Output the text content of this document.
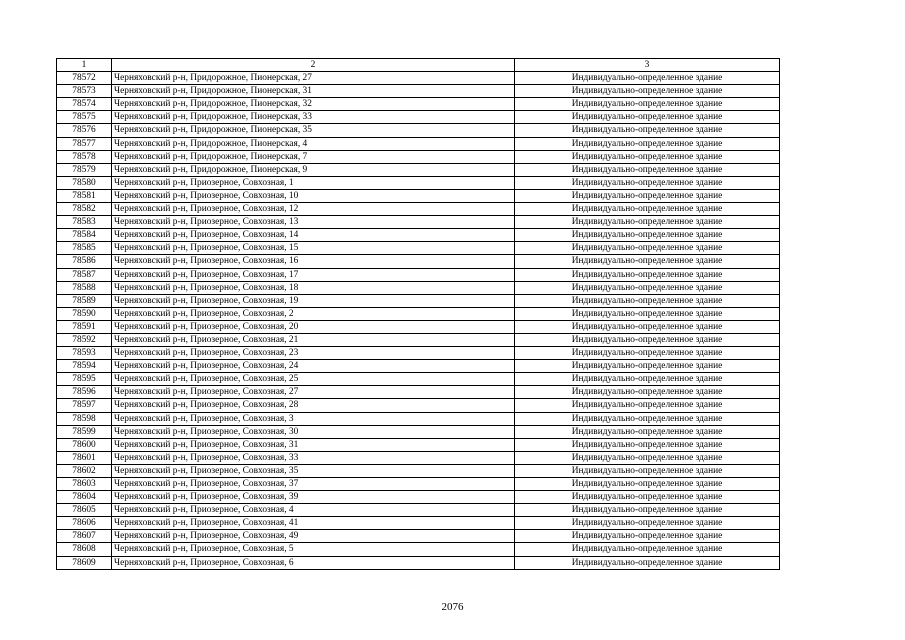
1	2	3
78572	Черняховский р-н, Придорожное, Пионерская, 27	Индивидуально-определенное здание
78573	Черняховский р-н, Придорожное, Пионерская, 31	Индивидуально-определенное здание
78574	Черняховский р-н, Придорожное, Пионерская, 32	Индивидуально-определенное здание
78575	Черняховский р-н, Придорожное, Пионерская, 33	Индивидуально-определенное здание
78576	Черняховский р-н, Придорожное, Пионерская, 35	Индивидуально-определенное здание
78577	Черняховский р-н, Придорожное, Пионерская, 4	Индивидуально-определенное здание
78578	Черняховский р-н, Придорожное, Пионерская, 7	Индивидуально-определенное здание
78579	Черняховский р-н, Придорожное, Пионерская, 9	Индивидуально-определенное здание
78580	Черняховский р-н, Приозерное, Совхозная, 1	Индивидуально-определенное здание
78581	Черняховский р-н, Приозерное, Совхозная, 10	Индивидуально-определенное здание
78582	Черняховский р-н, Приозерное, Совхозная, 12	Индивидуально-определенное здание
78583	Черняховский р-н, Приозерное, Совхозная, 13	Индивидуально-определенное здание
78584	Черняховский р-н, Приозерное, Совхозная, 14	Индивидуально-определенное здание
78585	Черняховский р-н, Приозерное, Совхозная, 15	Индивидуально-определенное здание
78586	Черняховский р-н, Приозерное, Совхозная, 16	Индивидуально-определенное здание
78587	Черняховский р-н, Приозерное, Совхозная, 17	Индивидуально-определенное здание
78588	Черняховский р-н, Приозерное, Совхозная, 18	Индивидуально-определенное здание
78589	Черняховский р-н, Приозерное, Совхозная, 19	Индивидуально-определенное здание
78590	Черняховский р-н, Приозерное, Совхозная, 2	Индивидуально-определенное здание
78591	Черняховский р-н, Приозерное, Совхозная, 20	Индивидуально-определенное здание
78592	Черняховский р-н, Приозерное, Совхозная, 21	Индивидуально-определенное здание
78593	Черняховский р-н, Приозерное, Совхозная, 23	Индивидуально-определенное здание
78594	Черняховский р-н, Приозерное, Совхозная, 24	Индивидуально-определенное здание
78595	Черняховский р-н, Приозерное, Совхозная, 25	Индивидуально-определенное здание
78596	Черняховский р-н, Приозерное, Совхозная, 27	Индивидуально-определенное здание
78597	Черняховский р-н, Приозерное, Совхозная, 28	Индивидуально-определенное здание
78598	Черняховский р-н, Приозерное, Совхозная, 3	Индивидуально-определенное здание
78599	Черняховский р-н, Приозерное, Совхозная, 30	Индивидуально-определенное здание
78600	Черняховский р-н, Приозерное, Совхозная, 31	Индивидуально-определенное здание
78601	Черняховский р-н, Приозерное, Совхозная, 33	Индивидуально-определенное здание
78602	Черняховский р-н, Приозерное, Совхозная, 35	Индивидуально-определенное здание
78603	Черняховский р-н, Приозерное, Совхозная, 37	Индивидуально-определенное здание
78604	Черняховский р-н, Приозерное, Совхозная, 39	Индивидуально-определенное здание
78605	Черняховский р-н, Приозерное, Совхозная, 4	Индивидуально-определенное здание
78606	Черняховский р-н, Приозерное, Совхозная, 41	Индивидуально-определенное здание
78607	Черняховский р-н, Приозерное, Совхозная, 49	Индивидуально-определенное здание
78608	Черняховский р-н, Приозерное, Совхозная, 5	Индивидуально-определенное здание
78609	Черняховский р-н, Приозерное, Совхозная, 6	Индивидуально-определенное здание
2076
